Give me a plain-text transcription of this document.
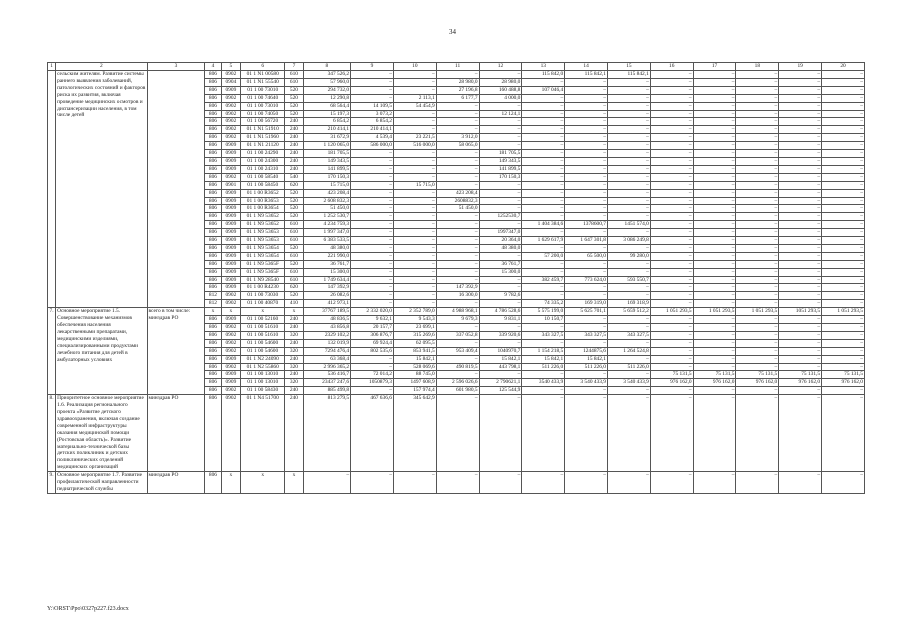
34
1	2	3	4	5	6	7	8	9	10	11	12	13	14	15	16	17	18	19	20
	сельским жителям. Развитие системы раннего выявления заболеваний, патологических состояний и факторов риска их развития, включая проведение медицинских осмотров и диспансеризации населения, в том числе детей		806	0902	01 1 N1 00580	610	347 526,2	–	–	–	–	115 842,0	115 842,1	115 842,1	–	–	–	–	–
			806	0904	01 1 N1 55540	610	57 960,0	–	–	28 980,0	28 980,0	–	–	–	–	–	–	–	–
			806	0909	01 1 00 73010	520	294 732,0	–	–	27 196,8	160 488,8	107 046,4	–	–	–	–	–	–	–
			806	0902	01 1 00 74640	520	12 290,8	–	2 113,1	6 177,7	4 000,0	–	–	–	–	–	–	–	–
			806	0902	01 1 00 73010	520	68 564,4	14 109,5	54 454,9	–	–	–	–	–	–	–	–	–	–
			806	0902	01 1 00 74050	520	15 197,3	3 073,2	–	–	12 124,1	–	–	–	–	–	–	–	–
			806	0902	01 1 00 56720	240	6 854,2	6 854,2	–	–	–	–	–	–	–	–	–	–	–
			806	0902	01 1 N1 51910	240	210 414,1	210 414,1	–	–	–	–	–	–	–	–	–	–	–
			806	0902	01 1 N1 51960	240	31 672,9	4 539,4	23 221,5	3 912,0	–	–	–	–	–	–	–	–	–
			806	0909	01 1 N1 21120	240	1 120 065,0	586 000,0	516 000,0	58 065,0	–	–	–	–	–	–	–	–	–
			806	0909	01 1 00 24290	240	181 705,5	–	–	–	181 705,5	–	–	–	–	–	–	–	–
			806	0909	01 1 00 24300	240	149 343,5	–	–	–	149 343,5	–	–	–	–	–	–	–	–
			806	0909	01 1 00 24310	240	141 899,5	–	–	–	141 899,5	–	–	–	–	–	–	–	–
			806	0902	01 1 00 58540	540	170 150,3	–	–	–	170 150,3	–	–	–	–	–	–	–	–
			806	0901	01 1 00 58450	620	15 715,0	–	15 715,0	–	–	–	–	–	–	–	–	–	–
			806	0909	01 1 00 R3652	520	423 208,4	–	–	423 208,4	–	–	–	–	–	–	–	–	–
			806	0909	01 1 00 R3653	520	2 608 832,3	–	–	2608832,3	–	–	–	–	–	–	–	–	–
			806	0909	01 1 00 R3654	520	51 450,0	–	–	51 450,0	–	–	–	–	–	–	–	–	–
			806	0909	01 1 N9 53652	520	1 252 530,7	–	–	–	1252530,7	–	–	–	–	–	–	–	–
			806	0909	01 1 N9 53652	610	4 234 759,3	–	–	–	–	1 404 384,6	1378600,7	1451 574,0	–	–	–	–	–
			806	0909	01 1 N9 53653	610	1 997 347,0	–	–	–	1997347,0	–	–	–	–	–	–	–	–
			806	0909	01 1 N9 53653	610	6 383 533,5	–	–	–	20 364,0	1 629 617,9	1 647 301,8	3 086 249,8	–	–	–	–	–
			806	0909	01 1 N9 53654	520	48 380,0	–	–	–	48 380,0	–	–	–	–	–	–	–	–
			806	0909	01 1 N9 53654	610	221 990,0	–	–	–	–	57 200,0	65 500,0	99 280,0	–	–	–	–	–
			806	0909	01 1 N9 5365F	520	36 761,7	–	–	–	36 761,7	–	–	–	–	–	–	–	–
			806	0909	01 1 N9 5365F	610	15 300,0	–	–	–	15 300,0	–	–	–	–	–	–	–	–
			806	0909	01 1 N9 28540	610	1 749 634,4	–	–	–	–	382 459,7	773 624,0	593 550,7	–	–	–	–	–
			806	0909	01 1 00 R4230	620	147 392,9	–	–	147 392,9	–	–	–	–	–	–	–	–	–
			812	0902	01 1 00 73030	520	26 082,6	–	–	16 300,0	9 782,6	–	–	–	–	–	–	–	–
			812	0902	01 1 00 40870	410	412 973,1	–	–	–	–	74 335,2	169 319,0	169 318,9	–	–	–	–	–
7.	Основное мероприятие 1.5. Совершенствование механизмов обеспечения населения лекарственными препаратами, медицинскими изделиями, специализированными продуктами лечебного питания для детей в амбулаторных условиях	всего в том числе: минздрав РО	x	x	x	x	37767 189,5	2 332 020,0	2 352 789,0	4 988 968,1	4 786 528,6	5 575 199,0	5 625 701,1	5 659 512,2	1 051 293,5	1 051 293,5	1 051 293,5	1051 293,5	1 051 293,5
			806	0909	01 1 00 52160	240	48 836,5	9 632,1	9 543,3	9 679,3	9 831,1	10 150,7	–	–	–	–	–	–	–
			806	0902	01 1 00 51610	240	43 856,8	20 157,7	23 699,1	–	–	–	–	–	–	–	–	–	–
			806	0902	01 1 00 51610	320	2329 102,2	306 876,7	315 269,6	337 052,8	339 920,6	343 327,5	343 327,5	343 327,5	–	–	–	–	–
			806	0902	01 1 00 54600	240	132 019,9	69 924,4	62 095,5	–	–	–	–	–	–	–	–	–	–
			806	0902	01 1 00 54600	320	7294 476,4	802 535,6	853 941,5	953 409,4	1040970,7	1 154 218,5	1244875,6	1 264 524,8	–	–	–	–	–
			806	0909	01 1 N2 24090	240	63 368,4	–	15 842,1	–	15 842,1	15 842,1	15 842,1	–	–	–	–	–	–
			806	0902	01 1 N2 55860	320	2 996 365,2	–	528 069,6	490 819,5	443 798,1	511 226,0	511 226,0	511 226,0	–	–	–	–	–
			806	0909	01 1 00 13010	240	536 416,7	72 014,2	88 745,0	–	–	–	–	–	75 131,5	75 131,5	75 131,5	75 131,5	75 131,5
			806	0909	01 1 00 13010	320	23437 247,6	1050879,3	1497 608,9	2 596 026,6	2 790621,1	3540 433,9	3 540 433,9	3 540 433,9	976 162,0	976 162,0	976 162,0	976 162,0	976 162,0
			806	0902	01 1 00 58430	240	885 499,8	–	157 974,4	601 980,5	125 544,9	–	–	–	–	–	–	–	–
8.	Приоритетное основное мероприятие 1.6. Реализация регионального проекта «Развитие детского здравоохранения, включая создание современной инфраструктуры оказания медицинской помощи (Ростовская область)». Развитие материально-технической базы детских поликлиник и детских поликлинических отделений медицинских организаций	минздрав РО	806	0902	01 1 N4 51700	240	813 279,5	467 636,6	345 642,9	–	–	–	–	–	–	–	–	–	–
9.	Основное мероприятие 1.7. Развитие профилактической направленности педиатрической службы	минздрав РО	806	x	x	x	–	–	–	–	–	–	–	–	–	–	–	–	–
Y:\ORST\Ppo\0327p227.f23.docx
